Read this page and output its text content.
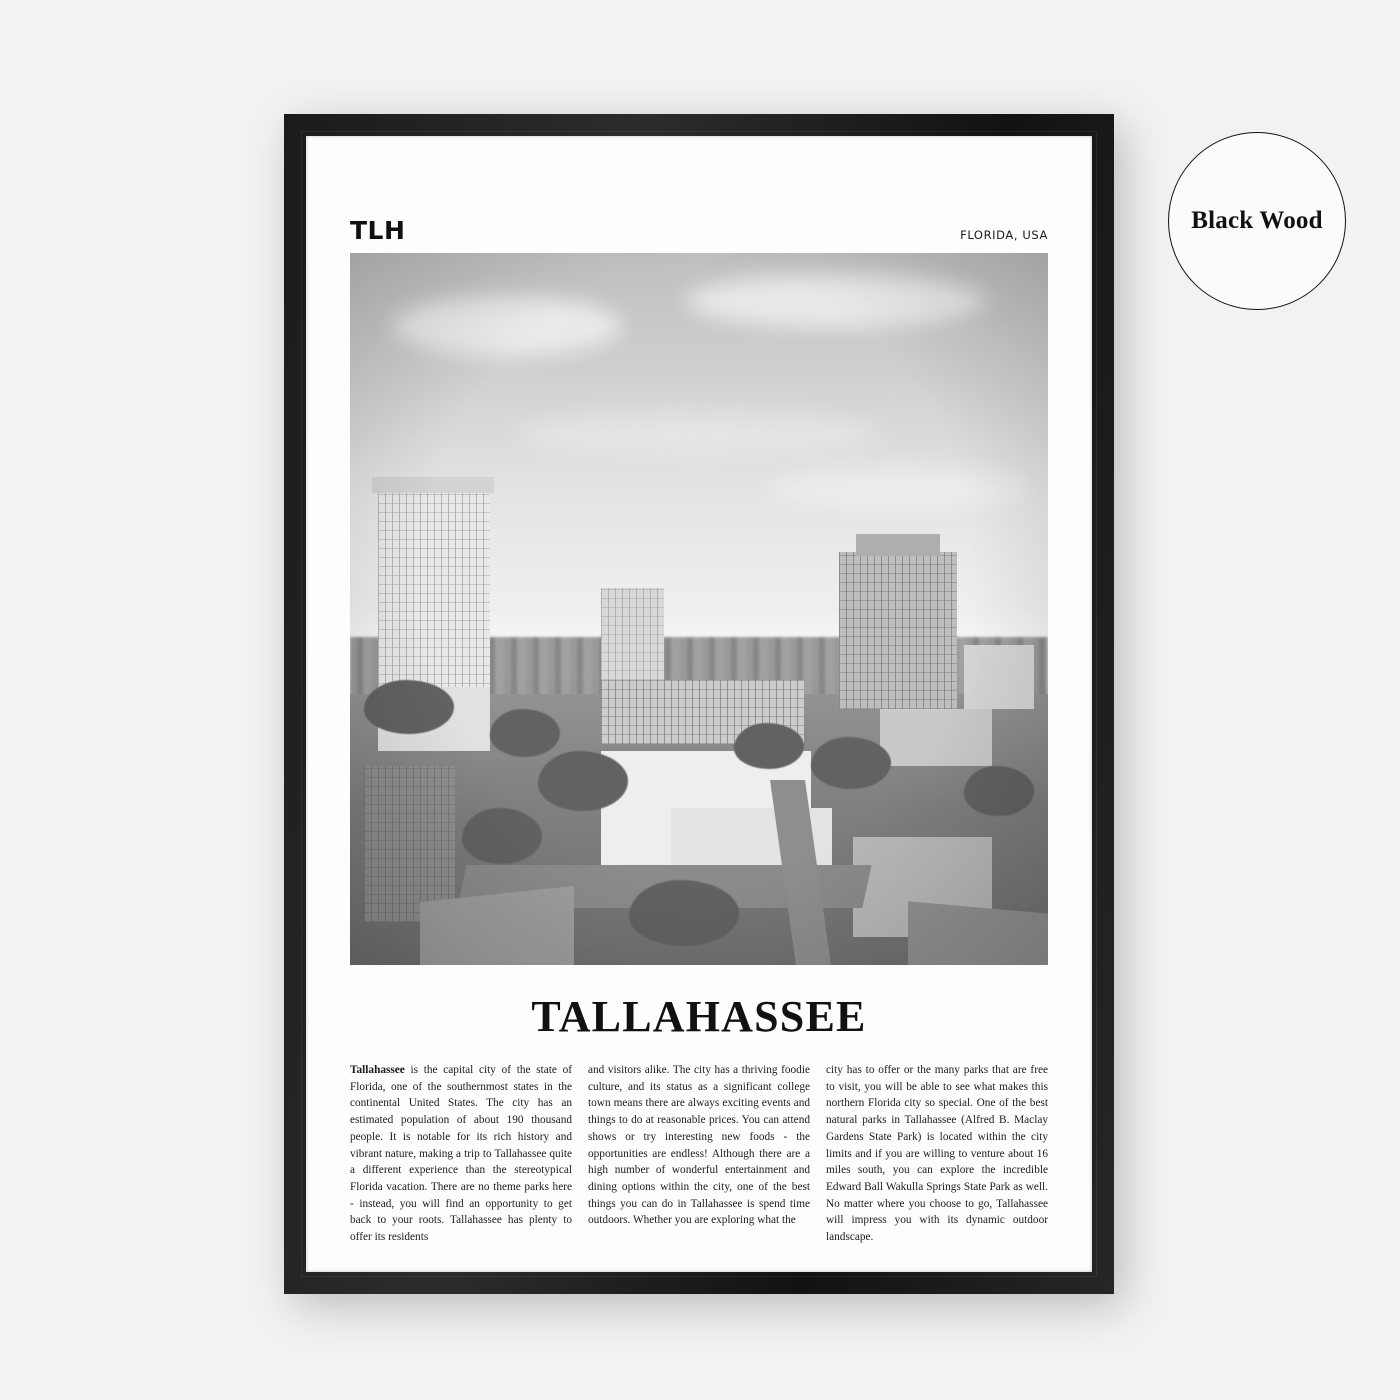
TLH	FLORIDA, USA
TALLAHASSEE
Tallahassee is the capital city of the state of Florida, one of the southernmost states in the continental United States. The city has an estimated population of about 190 thousand people. It is notable for its rich history and vibrant nature, making a trip to Tallahassee quite a different experience than the stereotypical Florida vacation. There are no theme parks here - instead, you will find an opportunity to get back to your roots. Tallahassee has plenty to offer its residents
and visitors alike. The city has a thriving foodie culture, and its status as a significant college town means there are always exciting events and things to do at reasonable prices. You can attend shows or try interesting new foods - the opportunities are endless! Although there are a high number of wonderful entertainment and dining options within the city, one of the best things you can do in Tallahassee is spend time outdoors. Whether you are exploring what the
city has to offer or the many parks that are free to visit, you will be able to see what makes this northern Florida city so special. One of the best natural parks in Tallahassee (Alfred B. Maclay Gardens State Park) is located within the city limits and if you are willing to venture about 16 miles south, you can explore the incredible Edward Ball Wakulla Springs State Park as well. No matter where you choose to go, Tallahassee will impress you with its dynamic outdoor landscape.
Black Wood
